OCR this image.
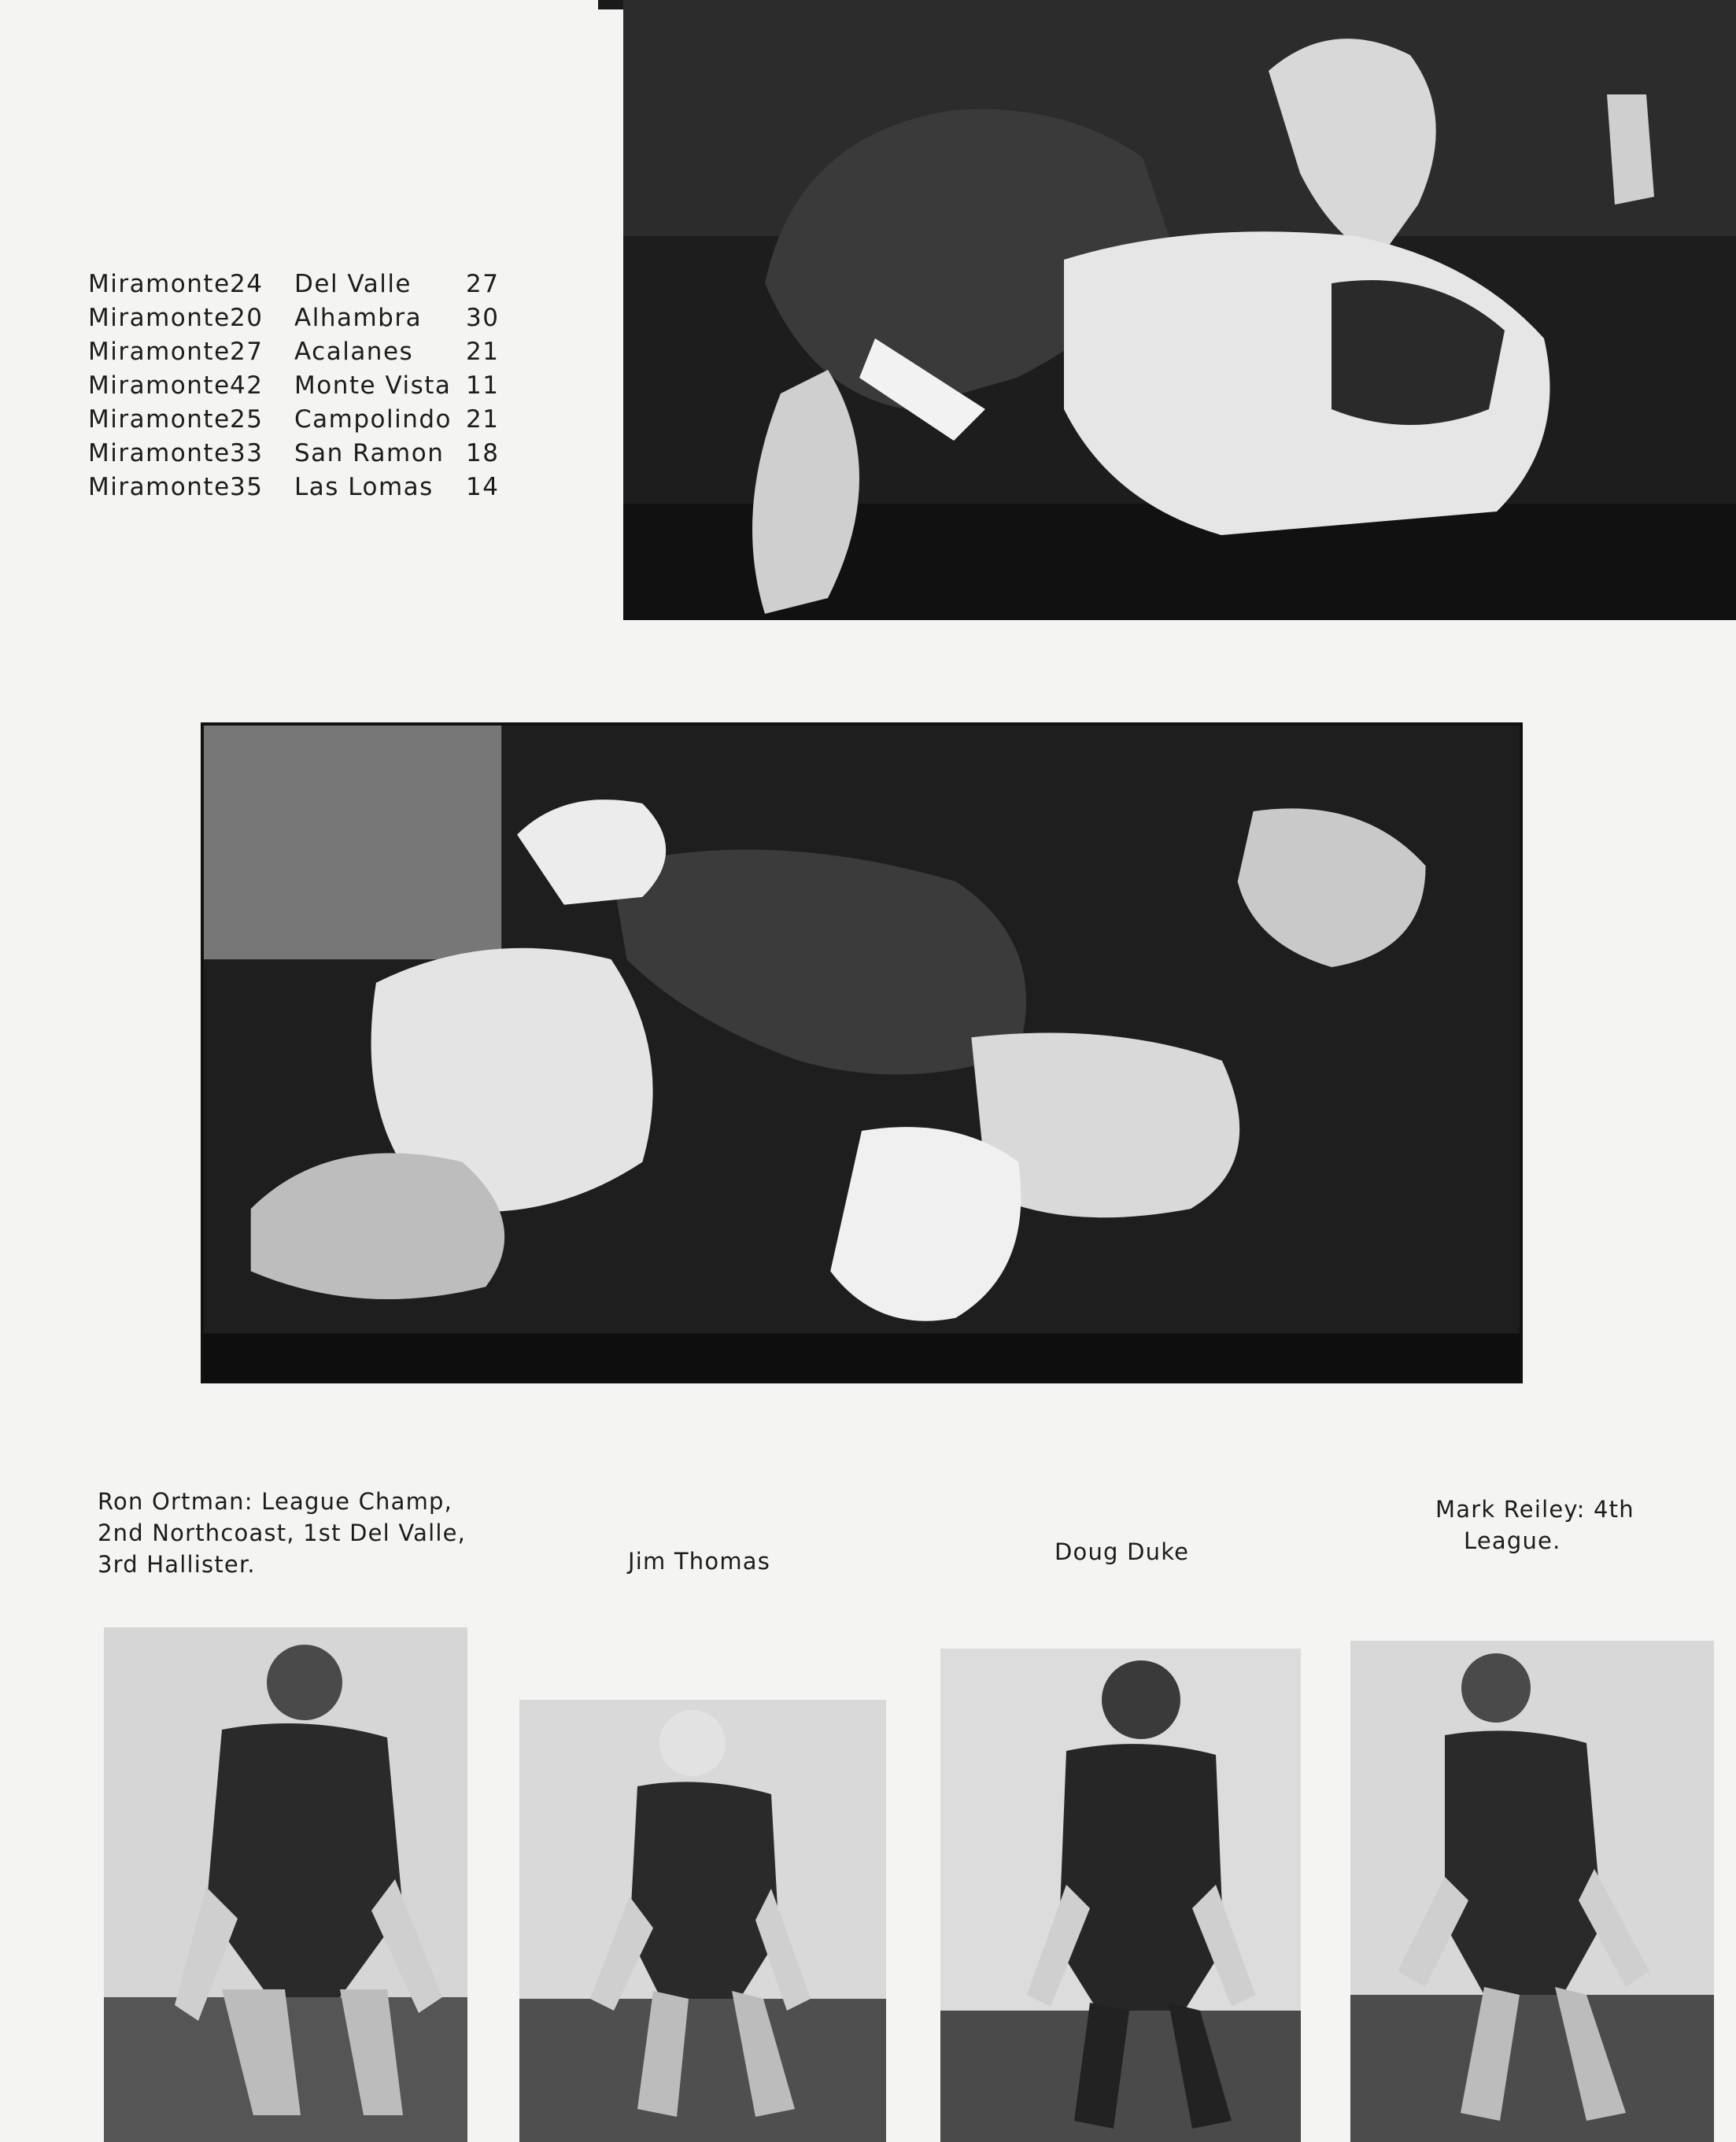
Miramonte 24	Del Valle	27
Miramonte 20	Alhambra	30
Miramonte 27	Acalanes	21
Miramonte 42	Monte Vista 11
Miramonte 25	Campolindo 21
Miramonte 33	San Ramon 18
Miramonte 35	Las Lomas	14
Ron Ortman: League Champ,
2nd Northcoast, 1st Del Valle,
3rd Hallister.	Jim Thomas	Doug Duke
Mark Reiley: 4th
League.
